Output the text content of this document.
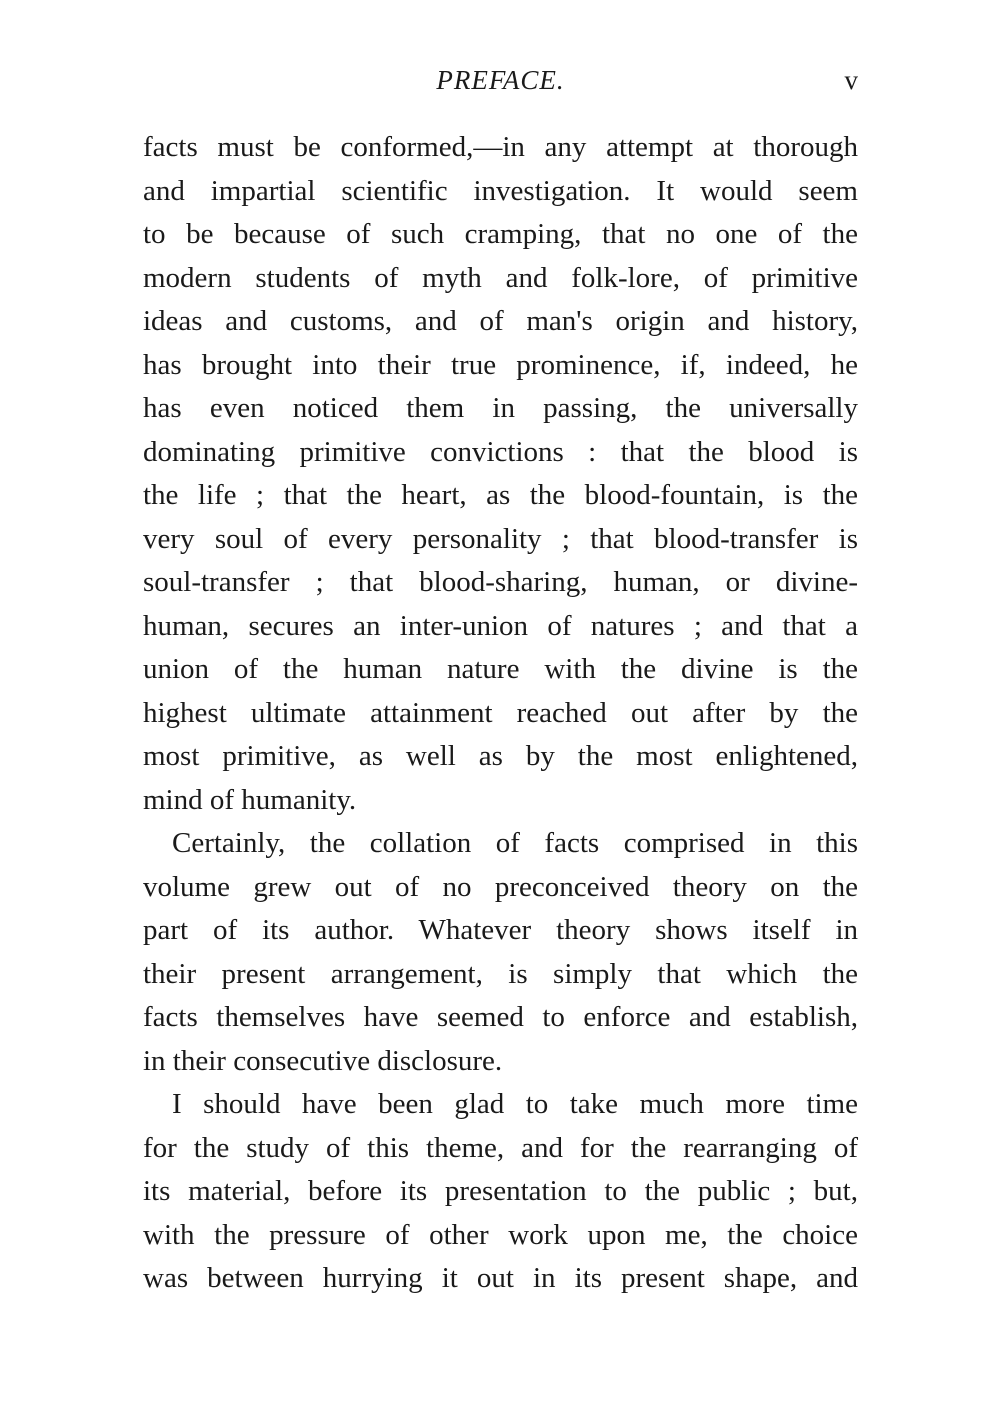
PREFACE.	v
facts must be conformed,—in any attempt at thorough
and impartial scientific investigation. It would seem
to be because of such cramping, that no one of the
modern students of myth and folk-lore, of primitive
ideas and customs, and of man's origin and history,
has brought into their true prominence, if, indeed, he
has even noticed them in passing, the universally
dominating primitive convictions : that the blood is
the life ; that the heart, as the blood-fountain, is the
very soul of every personality ; that blood-transfer is
soul-transfer ; that blood-sharing, human, or divine-
human, secures an inter-union of natures ; and that a
union of the human nature with the divine is the
highest ultimate attainment reached out after by the
most primitive, as well as by the most enlightened,
mind of humanity.
Certainly, the collation of facts comprised in this
volume grew out of no preconceived theory on the
part of its author. Whatever theory shows itself in
their present arrangement, is simply that which the
facts themselves have seemed to enforce and establish,
in their consecutive disclosure.
I should have been glad to take much more time
for the study of this theme, and for the rearranging of
its material, before its presentation to the public ; but,
with the pressure of other work upon me, the choice
was between hurrying it out in its present shape, and
